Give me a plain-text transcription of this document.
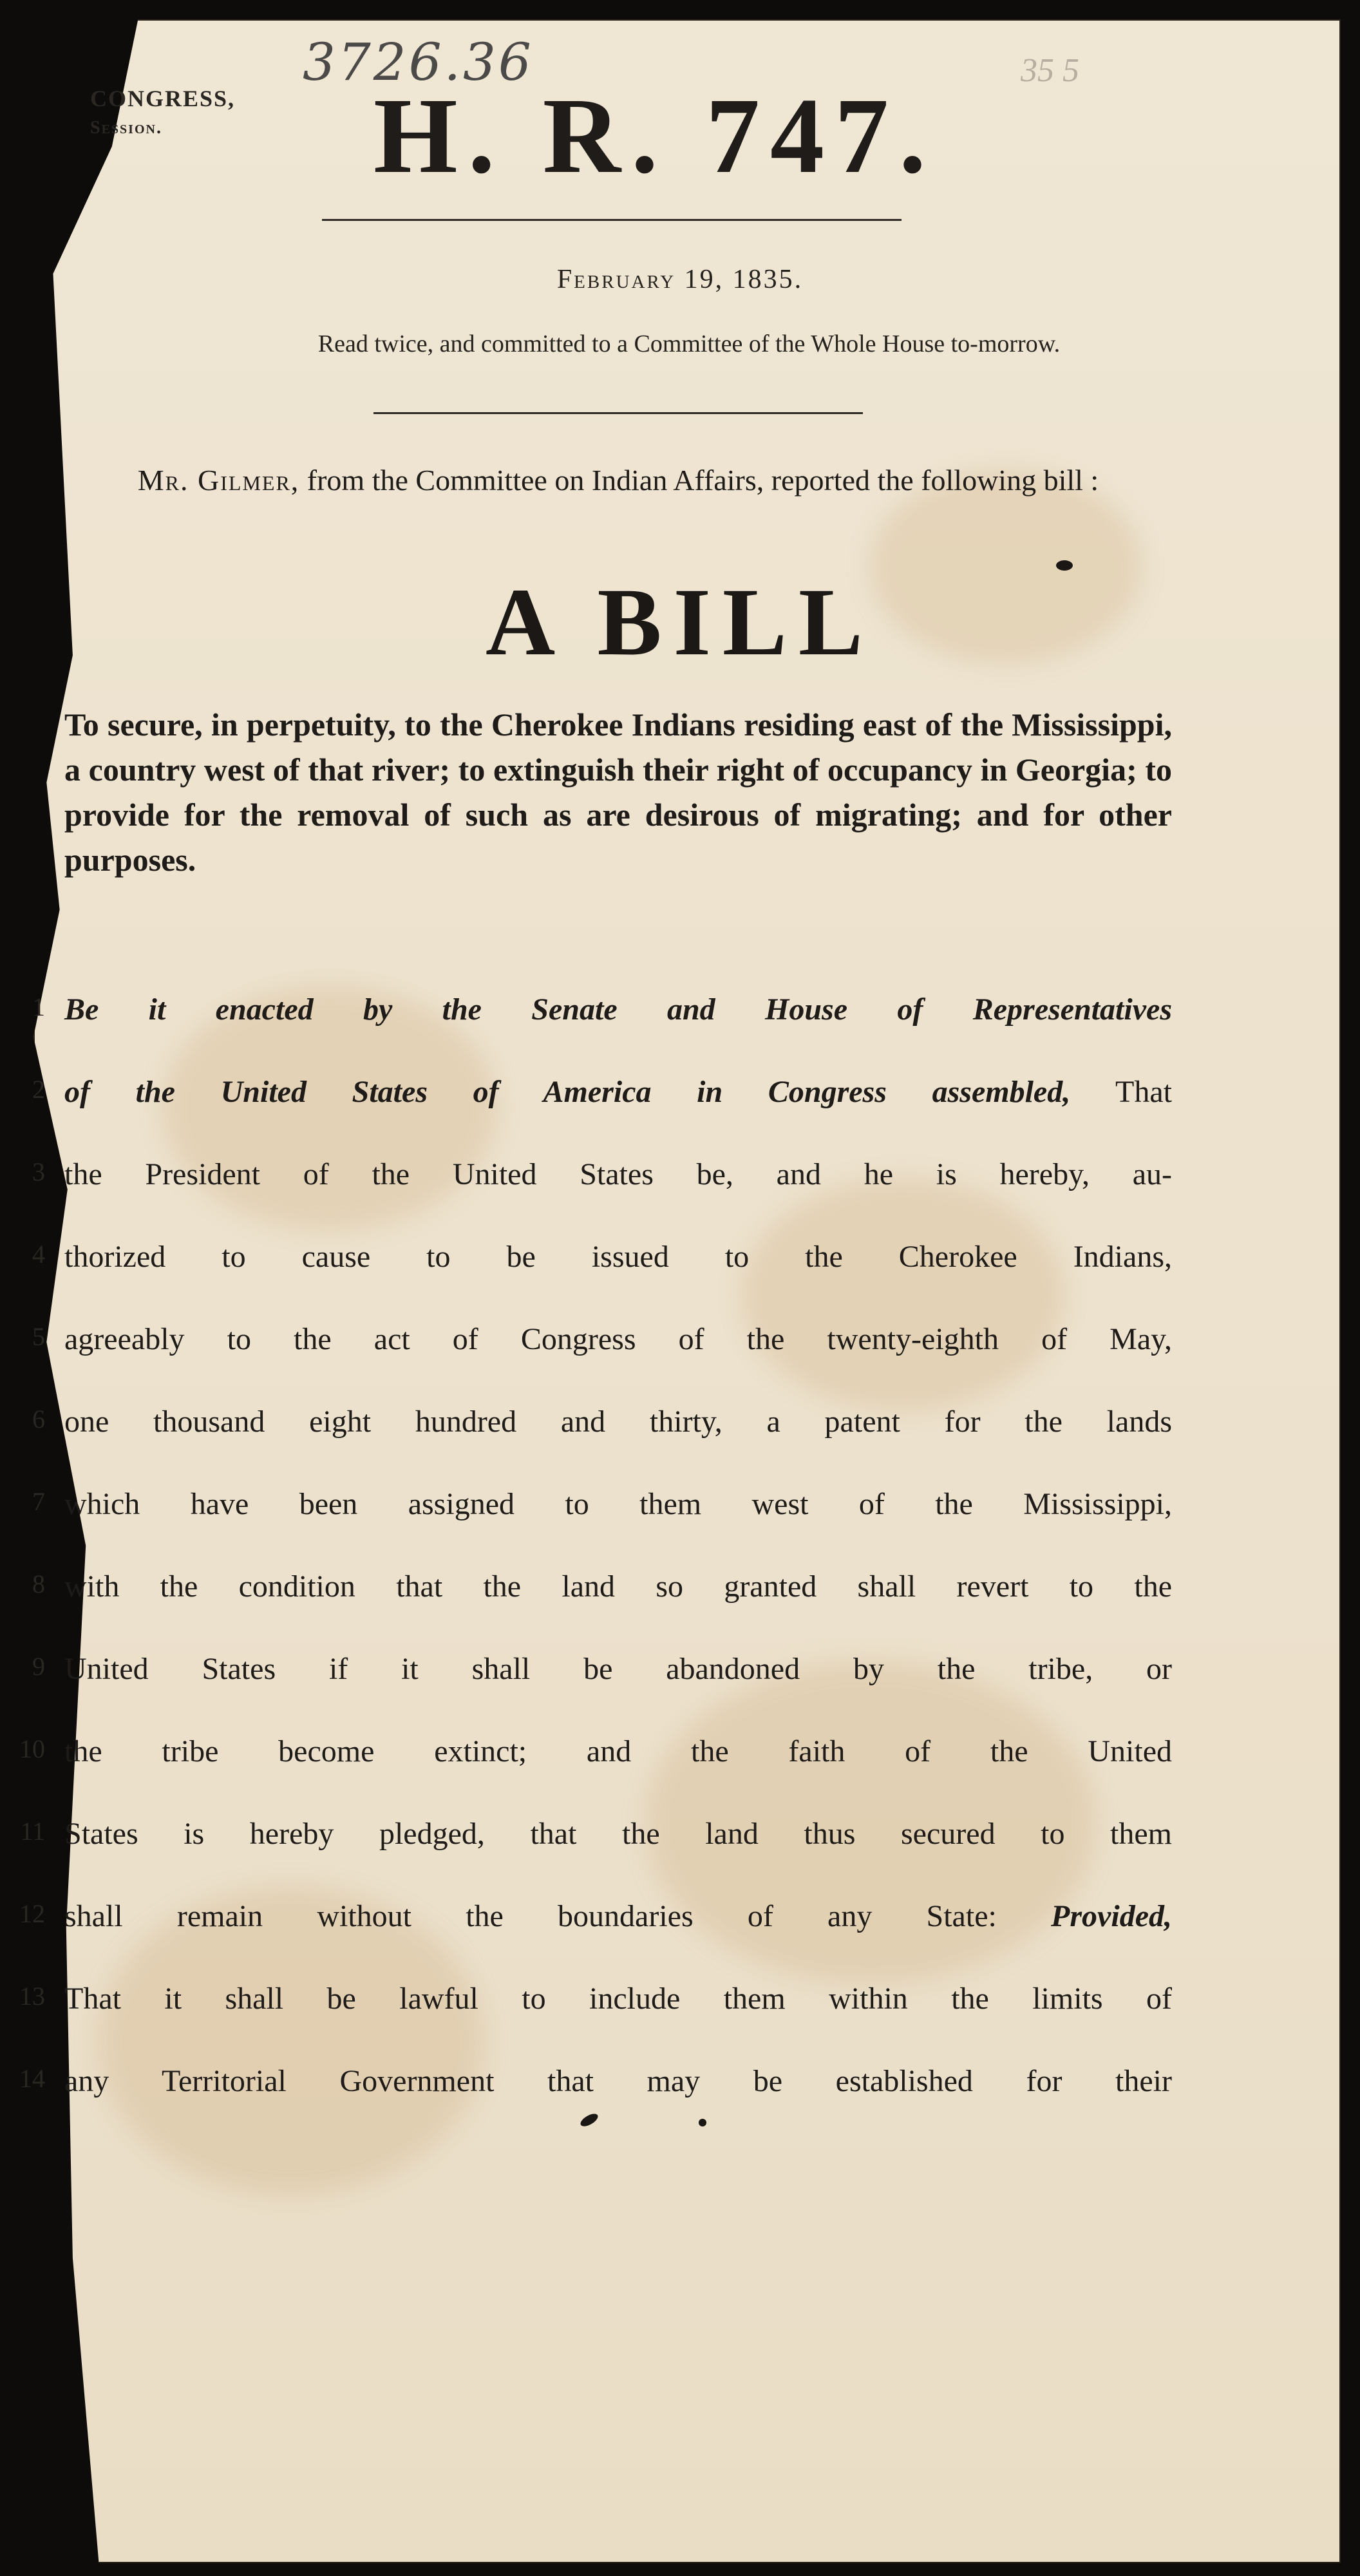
3726.36	35 5
CONGRESS,
Session.	H. R. 747.
February 19, 1835.
Read twice, and committed to a Committee of the Whole House to-morrow.
Mr. Gilmer, from the Committee on Indian Affairs, reported the following bill :
A BILL
To secure, in perpetuity, to the Cherokee Indians residing east of the Mississippi, a country west of that river; to extinguish their right of occupancy in Georgia; to provide for the removal of such as are desirous of migrating; and for other purposes.
1 Be it enacted by the Senate and House of Representatives
2 of the United States of America in Congress assembled, That
3 the President of the United States be, and he is hereby, au-
4 thorized to cause to be issued to the Cherokee Indians,
5 agreeably to the act of Congress of the twenty-eighth of May,
6 one thousand eight hundred and thirty, a patent for the lands
7 which have been assigned to them west of the Mississippi,
8 with the condition that the land so granted shall revert to the
9 United States if it shall be abandoned by the tribe, or
10 the tribe become extinct; and the faith of the United
11 States is hereby pledged, that the land thus secured to them
12 shall remain without the boundaries of any State: Provided,
13 That it shall be lawful to include them within the limits of
14 any Territorial Government that may be established for their
